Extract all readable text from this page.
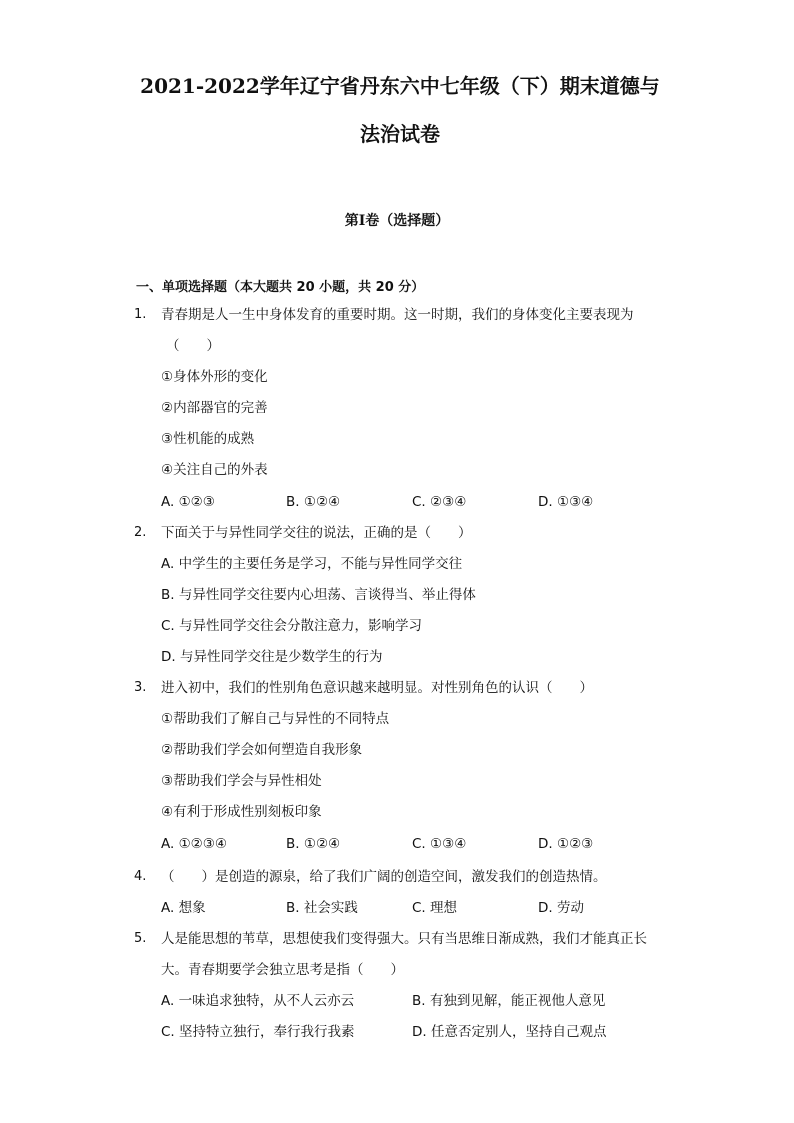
2021-2022学年辽宁省丹东六中七年级（下）期末道德与
法治试卷
第Ⅰ卷（选择题）
一、单项选择题（本大题共 20 小题，共 20 分）
1. 青春期是人一生中身体发育的重要时期。这一时期，我们的身体变化主要表现为
（　　）
①身体外形的变化
②内部器官的完善
③性机能的成熟
④关注自己的外表
A. ①②③	B. ①②④	C. ②③④	D. ①③④
2. 下面关于与异性同学交往的说法，正确的是（　　）
A. 中学生的主要任务是学习，不能与异性同学交往
B. 与异性同学交往要内心坦荡、言谈得当、举止得体
C. 与异性同学交往会分散注意力，影响学习
D. 与异性同学交往是少数学生的行为
3. 进入初中，我们的性别角色意识越来越明显。对性别角色的认识（　　）
①帮助我们了解自己与异性的不同特点
②帮助我们学会如何塑造自我形象
③帮助我们学会与异性相处
④有利于形成性别刻板印象
A. ①②③④	B. ①②④	C. ①③④	D. ①②③
4. （　　）是创造的源泉，给了我们广阔的创造空间，激发我们的创造热情。
A. 想象	B. 社会实践	C. 理想	D. 劳动
5. 人是能思想的苇草，思想使我们变得强大。只有当思维日渐成熟，我们才能真正长
大。青春期要学会独立思考是指（　　）
A. 一味追求独特，从不人云亦云	B. 有独到见解，能正视他人意见
C. 坚持特立独行，奉行我行我素	D. 任意否定别人，坚持自己观点
